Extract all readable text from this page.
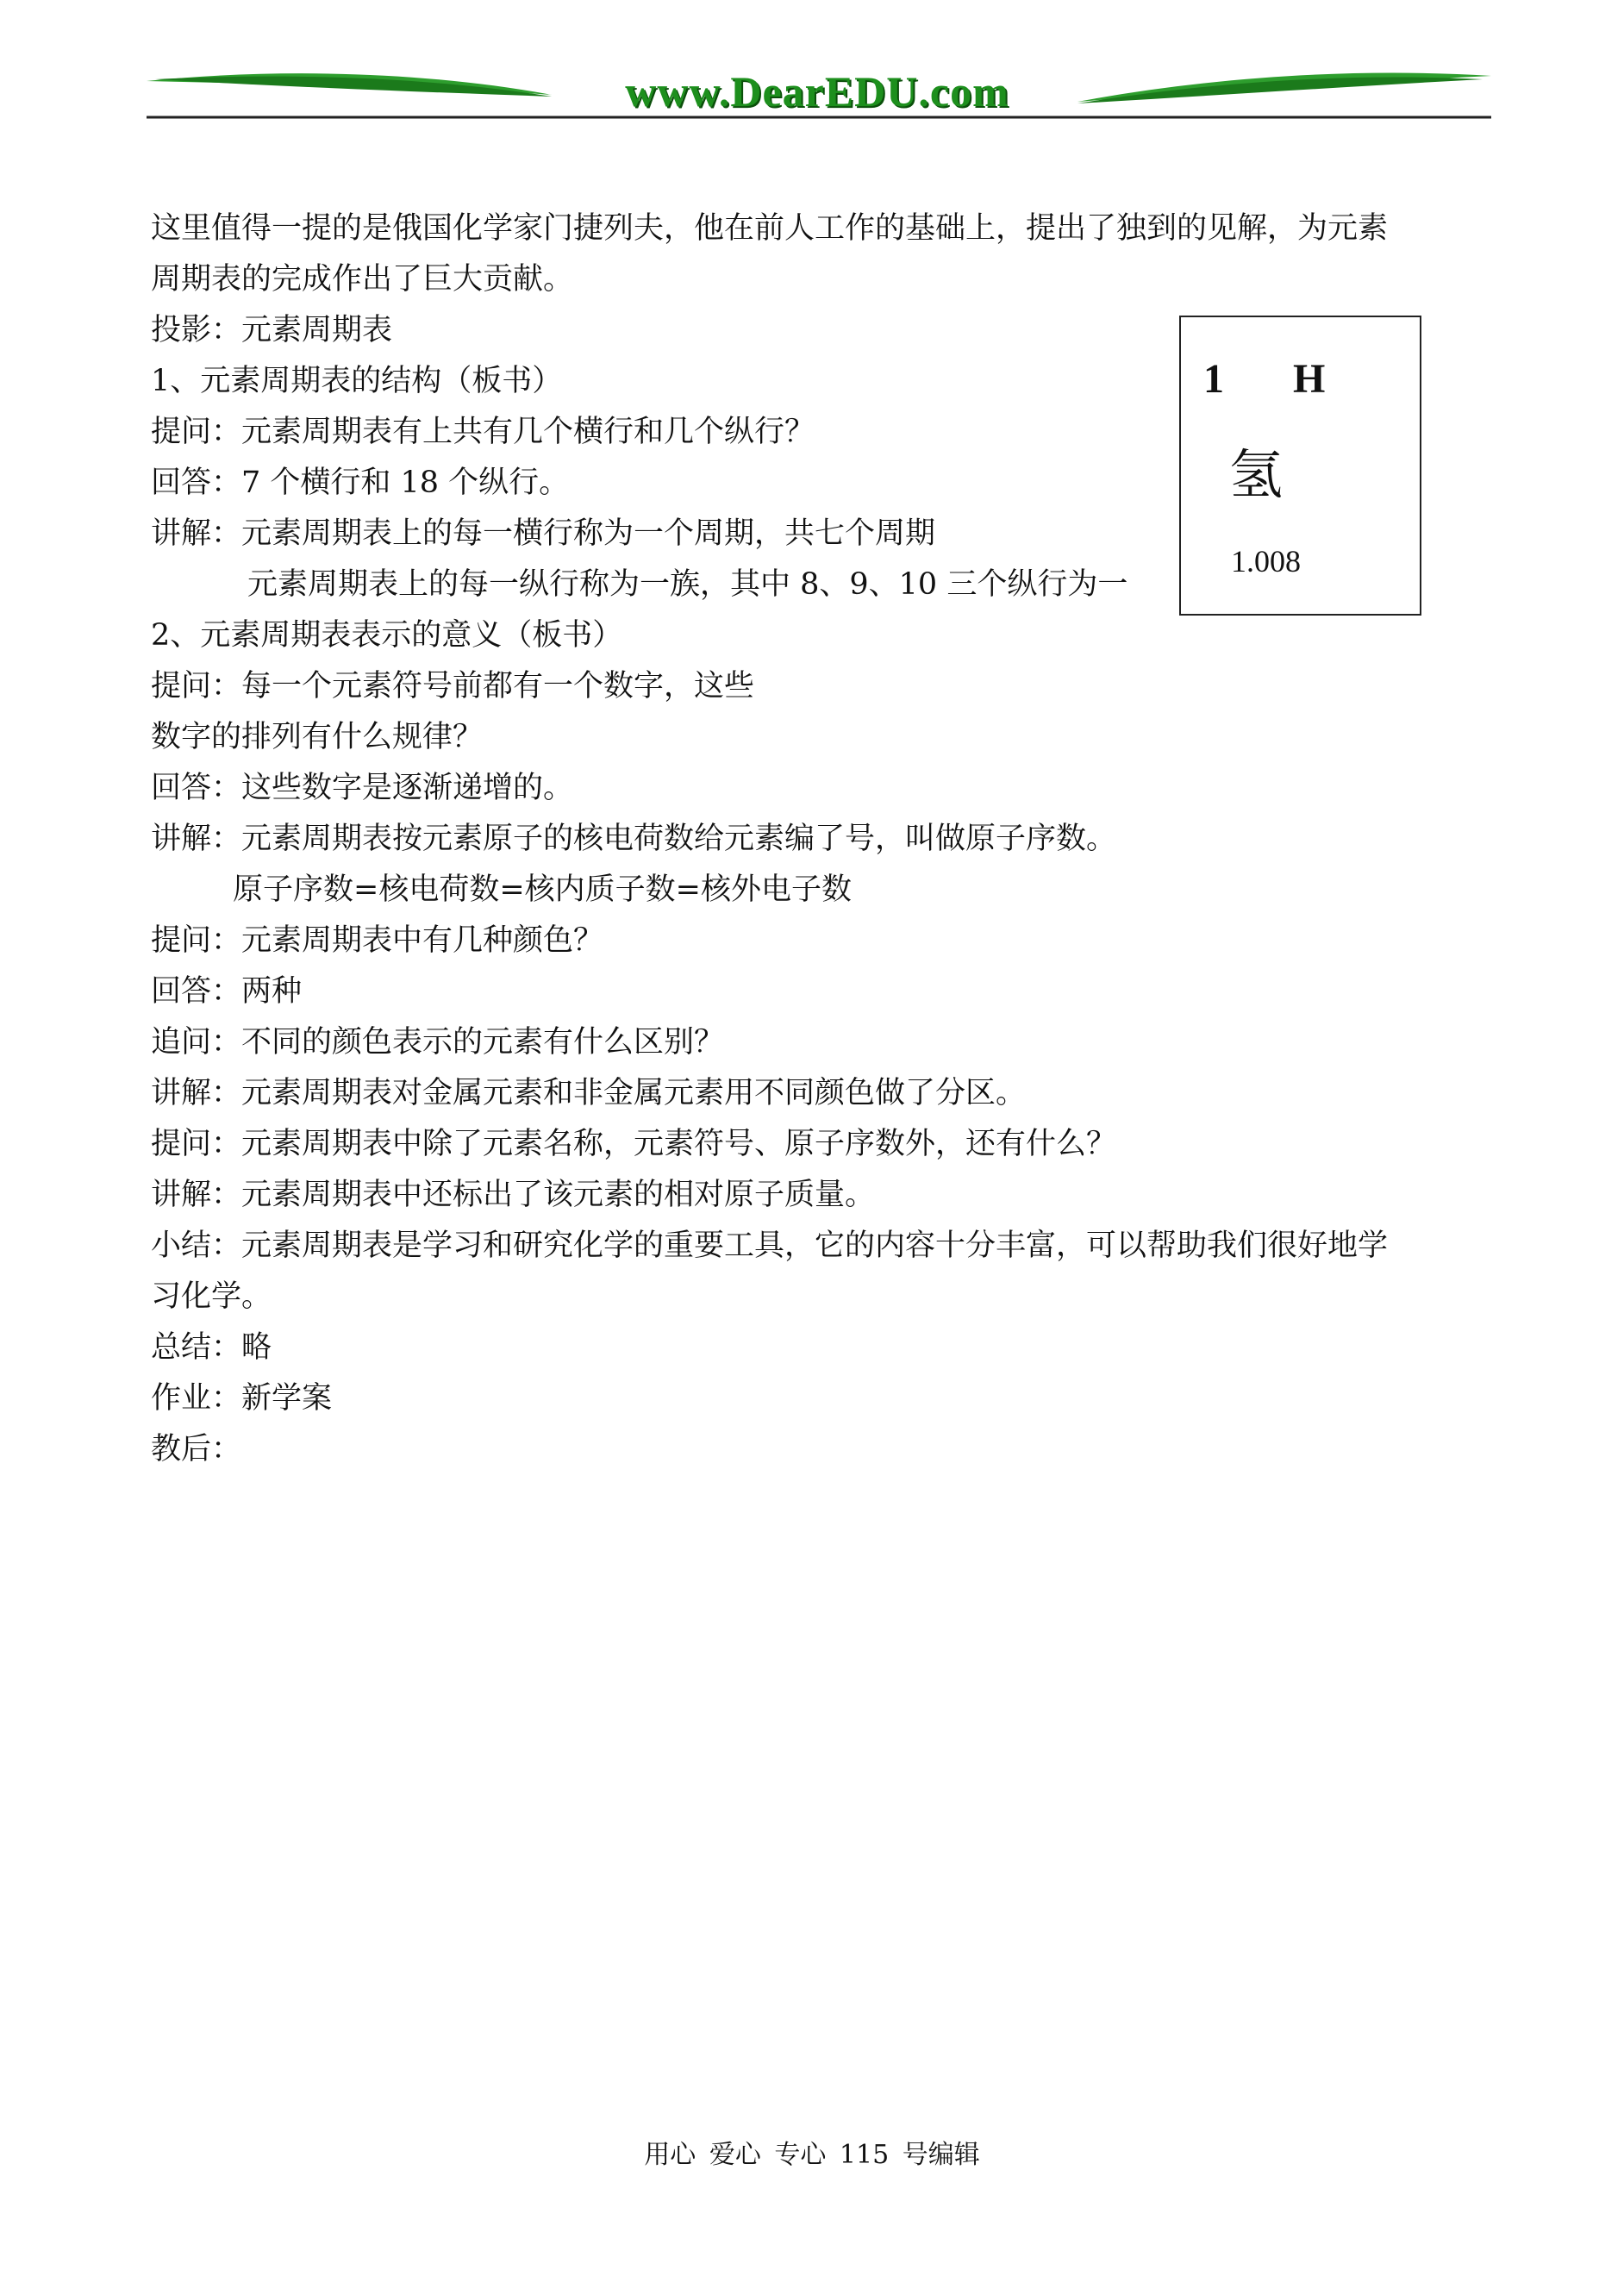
www.DearEDU.com
这里值得一提的是俄国化学家门捷列夫，他在前人工作的基础上，提出了独到的见解，为元素
周期表的完成作出了巨大贡献。
投影：元素周期表
1、元素周期表的结构（板书）
提问：元素周期表有上共有几个横行和几个纵行？
回答：7 个横行和 18 个纵行。
讲解：元素周期表上的每一横行称为一个周期，共七个周期
元素周期表上的每一纵行称为一族，其中 8、9、10 三个纵行为一
2、元素周期表表示的意义（板书）
提问：每一个元素符号前都有一个数字，这些
数字的排列有什么规律？
回答：这些数字是逐渐递增的。
讲解：元素周期表按元素原子的核电荷数给元素编了号，叫做原子序数。
原子序数=核电荷数=核内质子数=核外电子数
提问：元素周期表中有几种颜色？
回答：两种
追问：不同的颜色表示的元素有什么区别？
讲解：元素周期表对金属元素和非金属元素用不同颜色做了分区。
提问：元素周期表中除了元素名称，元素符号、原子序数外，还有什么？
讲解：元素周期表中还标出了该元素的相对原子质量。
小结：元素周期表是学习和研究化学的重要工具，它的内容十分丰富，可以帮助我们很好地学
习化学。
总结：略
作业：新学案
教后：
1 H
氢
1.008
用心 爱心 专心 115 号编辑
